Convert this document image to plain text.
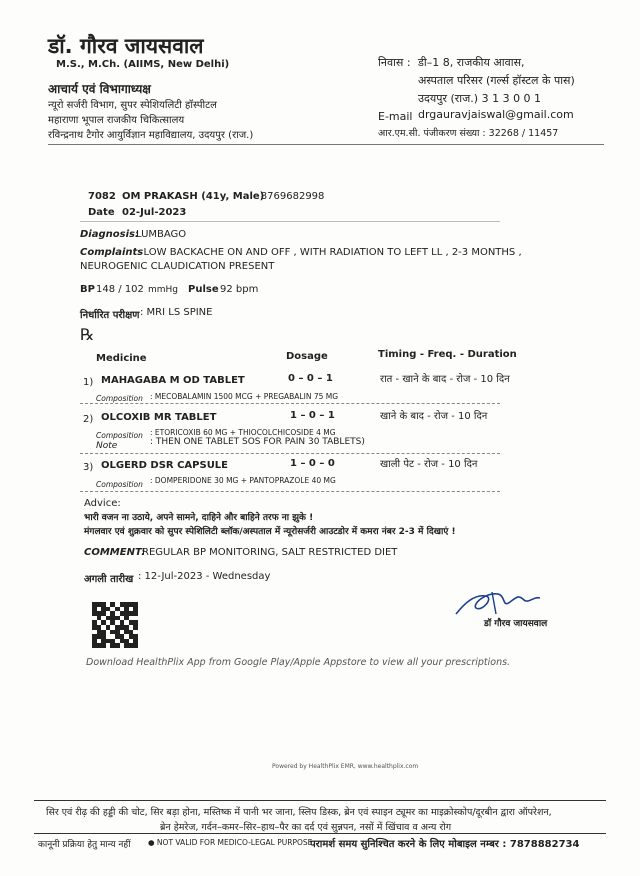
डॉ. गौरव जायसवाल
M.S., M.Ch. (AIIMS, New Delhi)
आचार्य एवं विभागाध्यक्ष
न्यूरो सर्जरी विभाग, सुपर स्पेशियलिटी हॉस्पीटल
महाराणा भूपाल राजकीय चिकित्सालय
रविन्द्रनाथ टैगोर आयुर्विज्ञान महाविद्यालय, उदयपुर (राज.)
निवास : डी–1 8, राजकीय आवास,
अस्पताल परिसर (गर्ल्स हॉस्टल के पास)
उदयपुर (राज.) 3 1 3 0 0 1
E-mail drgauravjaiswal@gmail.com
आर.एम.सी. पंजीकरण संख्या : 32268 / 11457
7082 OM PRAKASH (41y, Male)
- 8769682998
Date 02-Jul-2023
Diagnosis:
LUMBAGO
Complaints
: LOW BACKACHE ON AND OFF , WITH RADIATION TO LEFT LL , 2-3 MONTHS ,
NEUROGENIC CLAUDICATION PRESENT
BP 148 / 102 mmHg Pulse 92 bpm
निर्धारित परीक्षण : MRI LS SPINE
℞
Medicine	Dosage	Timing - Freq. - Duration
1) MAHAGABA M OD TABLET	0 – 0 – 1	रात - खाने के बाद - रोज - 10 दिन
Composition : MECOBALAMIN 1500 MCG + PREGABALIN 75 MG
2) OLCOXIB MR TABLET	1 – 0 – 1	खाने के बाद - रोज - 10 दिन
Composition : ETORICOXIB 60 MG + THIOCOLCHICOSIDE 4 MG
Note	: THEN ONE TABLET SOS FOR PAIN 30 TABLETS)
3) OLGERD DSR CAPSULE	1 – 0 – 0	खाली पेट - रोज - 10 दिन
Composition : DOMPERIDONE 30 MG + PANTOPRAZOLE 40 MG
Advice:
भारी वजन ना उठाये, अपने सामने, दाहिने और बाहिने तरफ ना झुके !
मंगलवार एवं शुक्रवार को सुपर स्पेशिलिटी ब्लॉक/अस्पताल में न्यूरोसर्जरी आउटडोर में कमरा नंबर 2-3 में दिखाएं !
COMMENT:
REGULAR BP MONITORING, SALT RESTRICTED DIET
अगली तारीख : 12-Jul-2023 - Wednesday
डॉ गौरव जायसवाल
Download HealthPlix App from Google Play/Apple Appstore to view all your prescriptions.
Powered by HealthPlix EMR, www.healthplix.com
सिर एवं रीढ़ की हड्डी की चोट, सिर बड़ा होना, मस्तिष्क में पानी भर जाना, स्लिप डिस्क, ब्रेन एवं स्पाइन ट्यूमर का माइक्रोस्कोप/दूरबीन द्वारा ऑपरेशन,
ब्रेन हेमरेज, गर्दन–कमर–सिर–हाथ–पैर का दर्द एवं सुन्नपन, नसों में खिंचाव व अन्य रोग
कानूनी प्रक्रिया हेतु मान्य नहीं ● NOT VALID FOR MEDICO-LEGAL PURPOSE
परामर्श समय सुनिश्चित करने के लिए मोबाइल नम्बर : 7878882734
